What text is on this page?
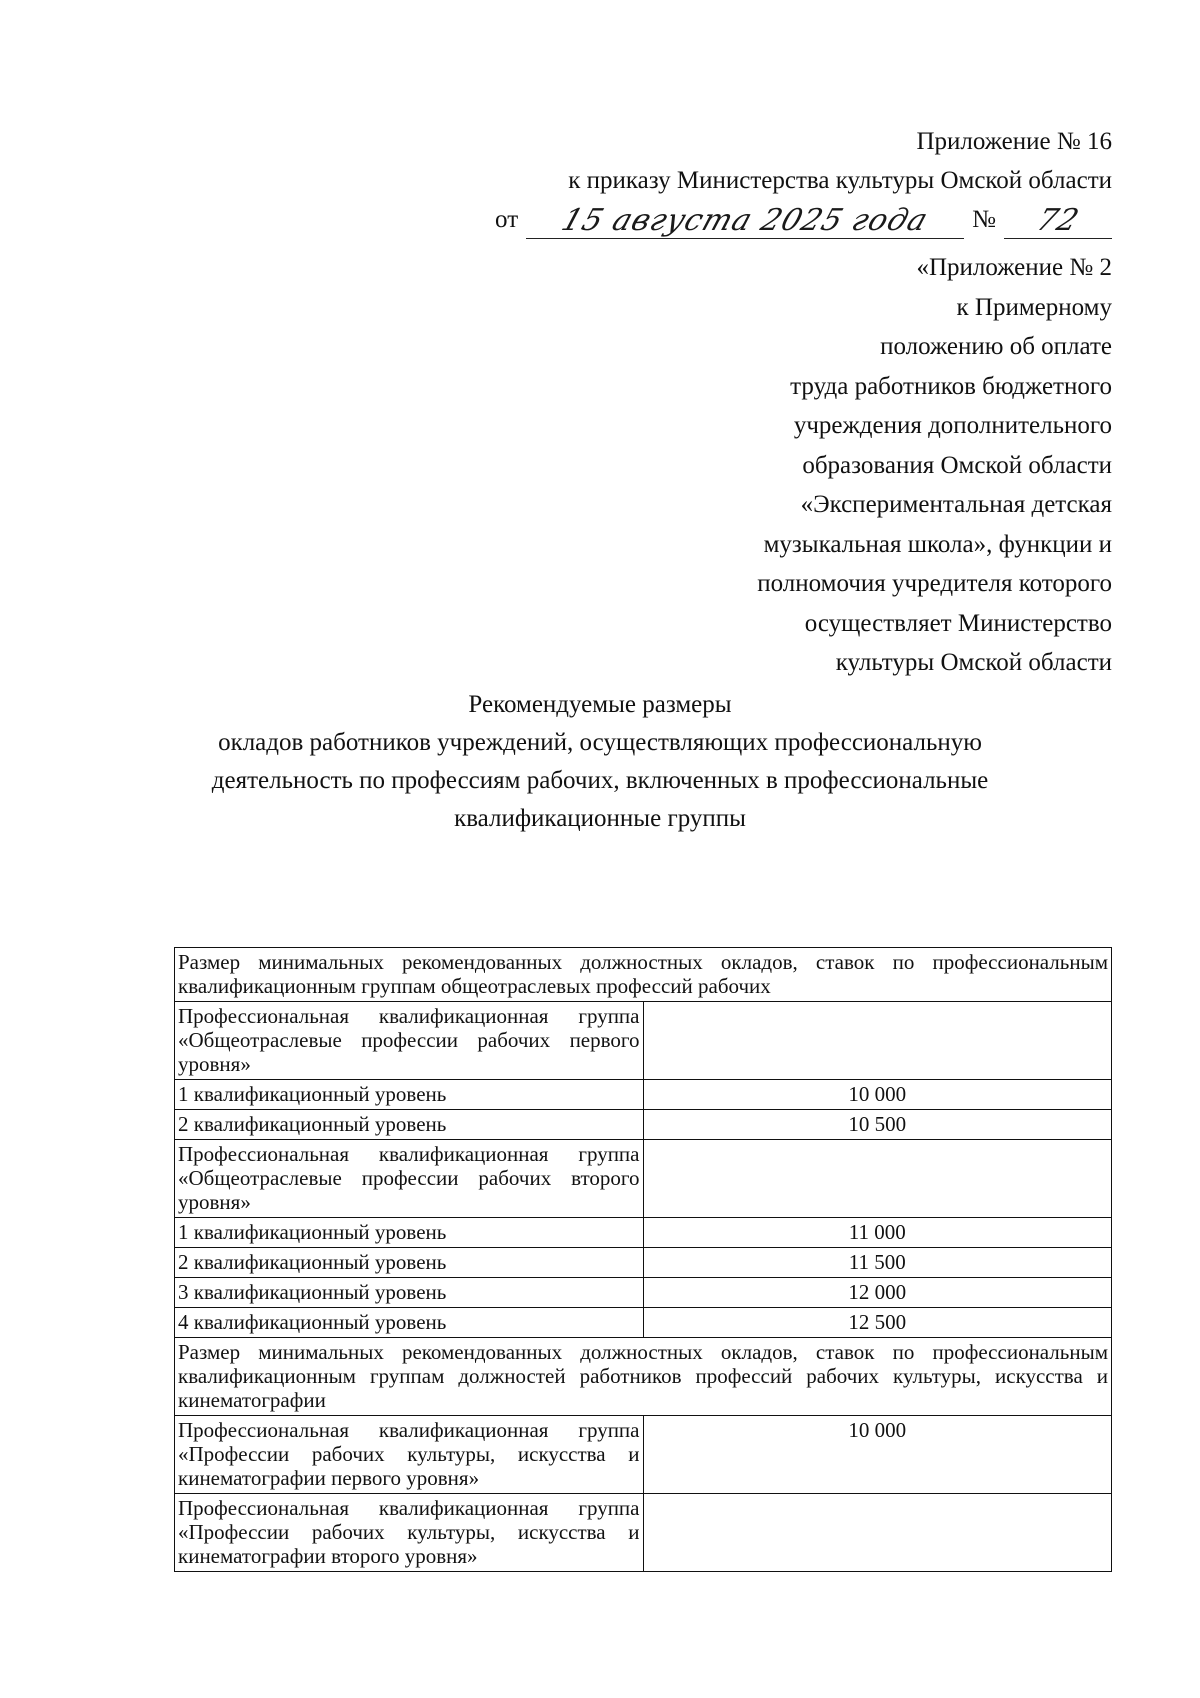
Приложение № 16
к приказу Министерства культуры Омской области
от	15 августа 2025 года	№	72
«Приложение № 2
к Примерному
положению об оплате
труда работников бюджетного
учреждения дополнительного
образования Омской области
«Экспериментальная детская
музыкальная школа», функции и
полномочия учредителя которого
осуществляет Министерство
культуры Омской области
Рекомендуемые размеры
окладов работников учреждений, осуществляющих профессиональную
деятельность по профессиям рабочих, включенных в профессиональные
квалификационные группы
Размер минимальных рекомендованных должностных окладов, ставок по профессиональным квалификационным группам общеотраслевых профессий рабочих	
Профессиональная квалификационная группа «Общеотраслевые профессии рабочих первого уровня»	
1 квалификационный уровень	10 000
2 квалификационный уровень	10 500
Профессиональная квалификационная группа «Общеотраслевые профессии рабочих второго уровня»	
1 квалификационный уровень	11 000
2 квалификационный уровень	11 500
3 квалификационный уровень	12 000
4 квалификационный уровень	12 500
Размер минимальных рекомендованных должностных окладов, ставок по профессиональным квалификационным группам должностей работников профессий рабочих культуры, искусства и кинематографии	
Профессиональная квалификационная группа «Профессии рабочих культуры, искусства и кинематографии первого уровня»	10 000
Профессиональная квалификационная группа «Профессии рабочих культуры, искусства и кинематографии второго уровня»	
